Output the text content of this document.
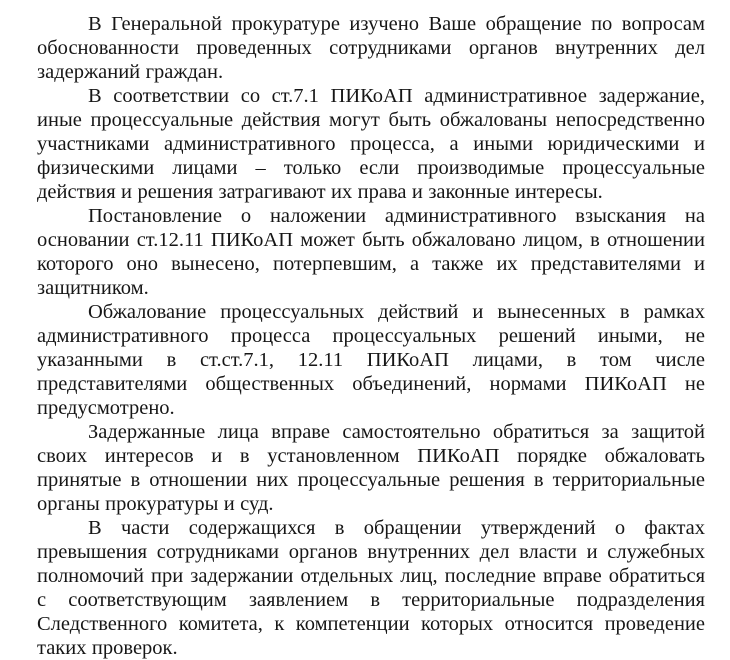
В Генеральной прокуратуре изучено Ваше обращение по вопросам обоснованности проведенных сотрудниками органов внутренних дел задержаний граждан.

В соответствии со ст.7.1 ПИКоАП административное задержание, иные процессуальные действия могут быть обжалованы непосредственно участниками административного процесса, а иными юридическими и физическими лицами – только если производимые процессуальные действия и решения затрагивают их права и законные интересы.

Постановление о наложении административного взыскания на основании ст.12.11 ПИКоАП может быть обжаловано лицом, в отношении которого оно вынесено, потерпевшим, а также их представителями и защитником.

Обжалование процессуальных действий и вынесенных в рамках административного процесса процессуальных решений иными, не указанными в ст.ст.7.1, 12.11 ПИКоАП лицами, в том числе представителями общественных объединений, нормами ПИКоАП не предусмотрено.

Задержанные лица вправе самостоятельно обратиться за защитой своих интересов и в установленном ПИКоАП порядке обжаловать принятые в отношении них процессуальные решения в территориальные органы прокуратуры и суд.

В части содержащихся в обращении утверждений о фактах превышения сотрудниками органов внутренних дел власти и служебных полномочий при задержании отдельных лиц, последние вправе обратиться с соответствующим заявлением в территориальные подразделения Следственного комитета, к компетенции которых относится проведение таких проверок.
